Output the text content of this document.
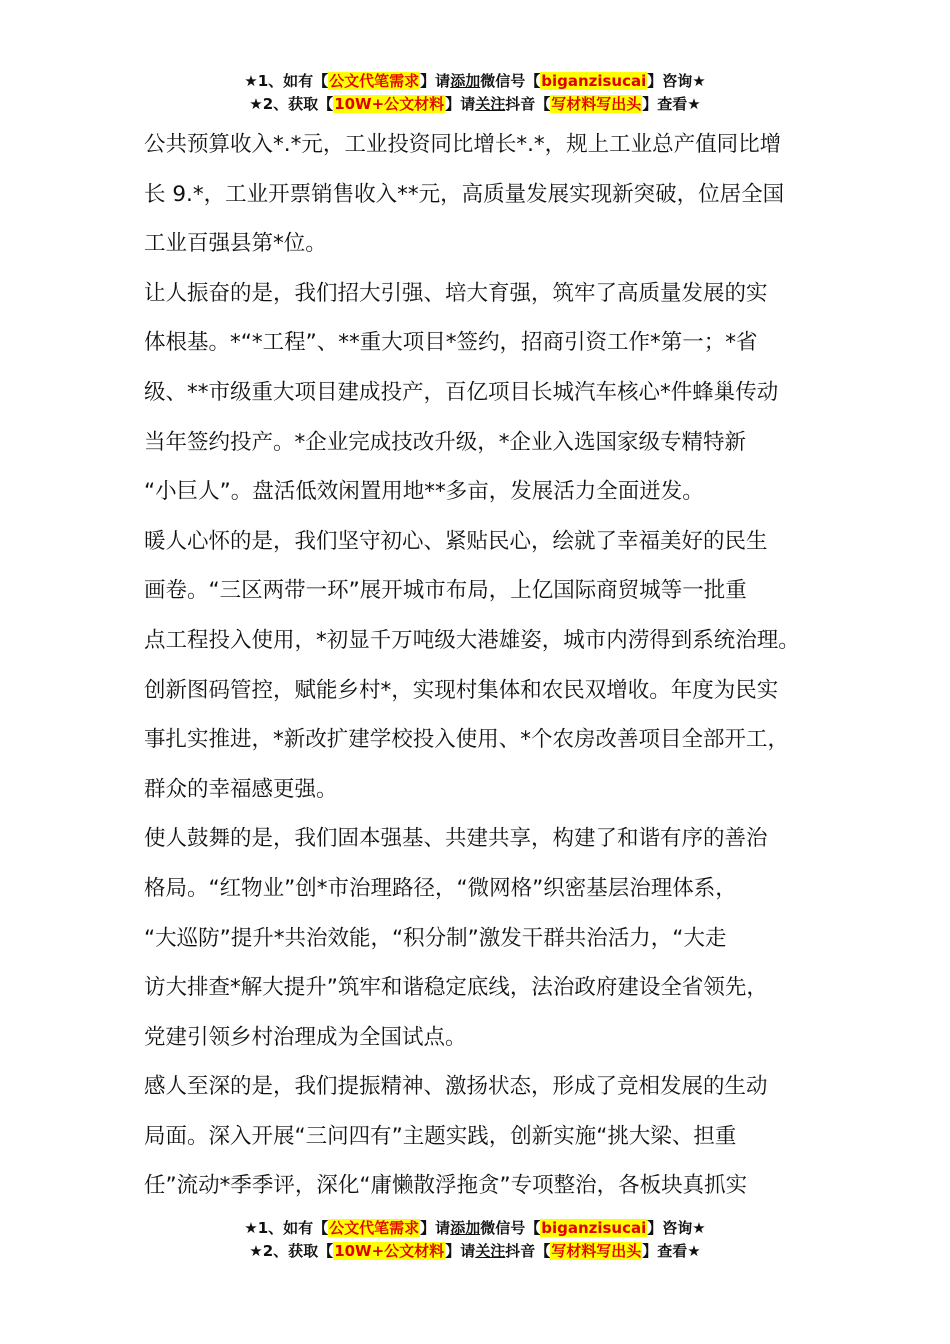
★1、如有【公文代笔需求】请添加微信号【biganzisucai】咨询★
★2、获取【10W+公文材料】请关注抖音【写材料写出头】查看★
公共预算收入*.*元，工业投资同比增长*.*，规上工业总产值同比增
长 9.*，工业开票销售收入**元，高质量发展实现新突破，位居全国
工业百强县第*位。
让人振奋的是，我们招大引强、培大育强，筑牢了高质量发展的实
体根基。*“*工程”、**重大项目*签约，招商引资工作*第一；*省
级、**市级重大项目建成投产，百亿项目长城汽车核心*件蜂巢传动
当年签约投产。*企业完成技改升级，*企业入选国家级专精特新
“小巨人”。盘活低效闲置用地**多亩，发展活力全面迸发。
暖人心怀的是，我们坚守初心、紧贴民心，绘就了幸福美好的民生
画卷。“三区两带一环”展开城市布局，上亿国际商贸城等一批重
点工程投入使用，*初显千万吨级大港雄姿，城市内涝得到系统治理。
创新图码管控，赋能乡村*，实现村集体和农民双增收。年度为民实
事扎实推进，*新改扩建学校投入使用、*个农房改善项目全部开工，
群众的幸福感更强。
使人鼓舞的是，我们固本强基、共建共享，构建了和谐有序的善治
格局。“红物业”创*市治理路径，“微网格”织密基层治理体系，
“大巡防”提升*共治效能，“积分制”激发干群共治活力，“大走
访大排查*解大提升”筑牢和谐稳定底线，法治政府建设全省领先，
党建引领乡村治理成为全国试点。
感人至深的是，我们提振精神、激扬状态，形成了竞相发展的生动
局面。深入开展“三问四有”主题实践，创新实施“挑大梁、担重
任”流动*季季评，深化“庸懒散浮拖贪”专项整治，各板块真抓实
★1、如有【公文代笔需求】请添加微信号【biganzisucai】咨询★
★2、获取【10W+公文材料】请关注抖音【写材料写出头】查看★
